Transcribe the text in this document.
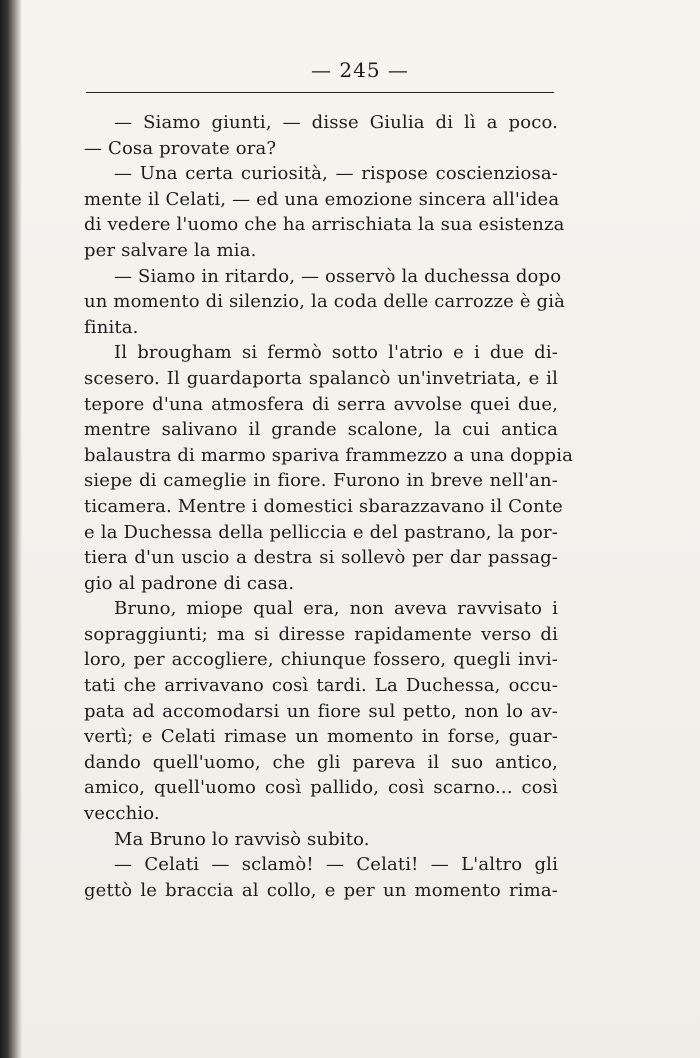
— 245 —
— Siamo giunti, — disse Giulia di lì a poco.
— Cosa provate ora?
— Una certa curiosità, — rispose coscienziosa-
mente il Celati, — ed una emozione sincera all'idea
di vedere l'uomo che ha arrischiata la sua esistenza
per salvare la mia.
— Siamo in ritardo, — osservò la duchessa dopo
un momento di silenzio, la coda delle carrozze è già
finita.
Il brougham si fermò sotto l'atrio e i due di-
scesero. Il guardaporta spalancò un'invetriata, e il
tepore d'una atmosfera di serra avvolse quei due,
mentre salivano il grande scalone, la cui antica
balaustra di marmo spariva frammezzo a una doppia
siepe di cameglie in fiore. Furono in breve nell'an-
ticamera. Mentre i domestici sbarazzavano il Conte
e la Duchessa della pelliccia e del pastrano, la por-
tiera d'un uscio a destra si sollevò per dar passag-
gio al padrone di casa.
Bruno, miope qual era, non aveva ravvisato i
sopraggiunti; ma si diresse rapidamente verso di
loro, per accogliere, chiunque fossero, quegli invi-
tati che arrivavano così tardi. La Duchessa, occu-
pata ad accomodarsi un fiore sul petto, non lo av-
vertì; e Celati rimase un momento in forse, guar-
dando quell'uomo, che gli pareva il suo antico,
amico, quell'uomo così pallido, così scarno... così
vecchio.
Ma Bruno lo ravvisò subito.
— Celati — sclamò! — Celati! — L'altro gli
gettò le braccia al collo, e per un momento rima-
